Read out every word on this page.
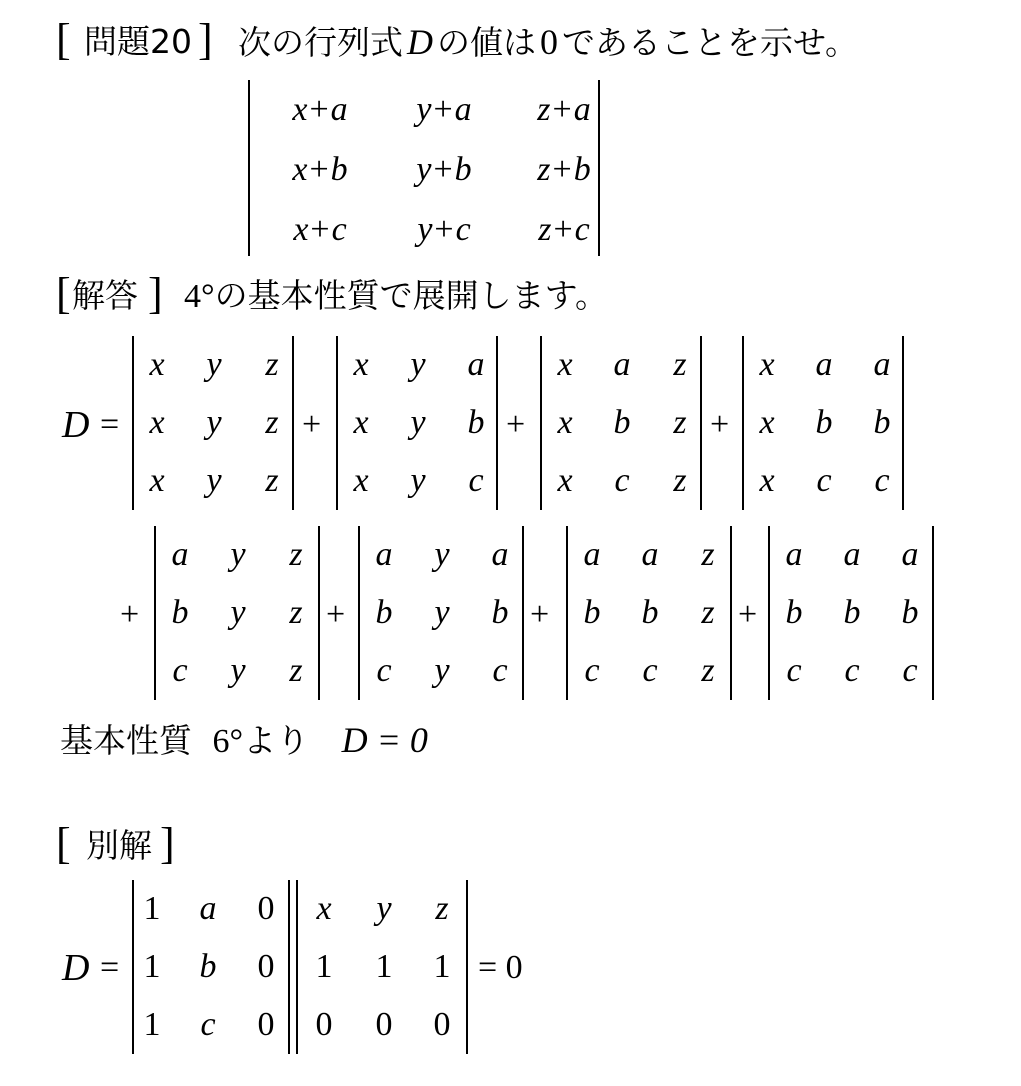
[ 問題20 ] 次の行列式 D の値は 0 であることを示せ。
x+a	y+a	z+a
x+b	y+b	z+b
x+c	y+c	z+c
[ 解答 ] 4°の基本性質で展開します。
D =
x	y	z
x	y	z
x	y	z
+
x	y	a
x	y	b
x	y	c
+
x	a	z
x	b	z
x	c	z
+
x	a	a
x	b	b
x	c	c
+
a	y	z
b	y	z
c	y	z
+
a	y	a
b	y	b
c	y	c
+
a	a	z
b	b	z
c	c	z
+
a	a	a
b	b	b
c	c	c
基本性質 6°より D = 0
[ 別解 ]
D =
1	a	0
1	b	0
1	c	0
x	y	z
1	1	1
0	0	0
= 0
